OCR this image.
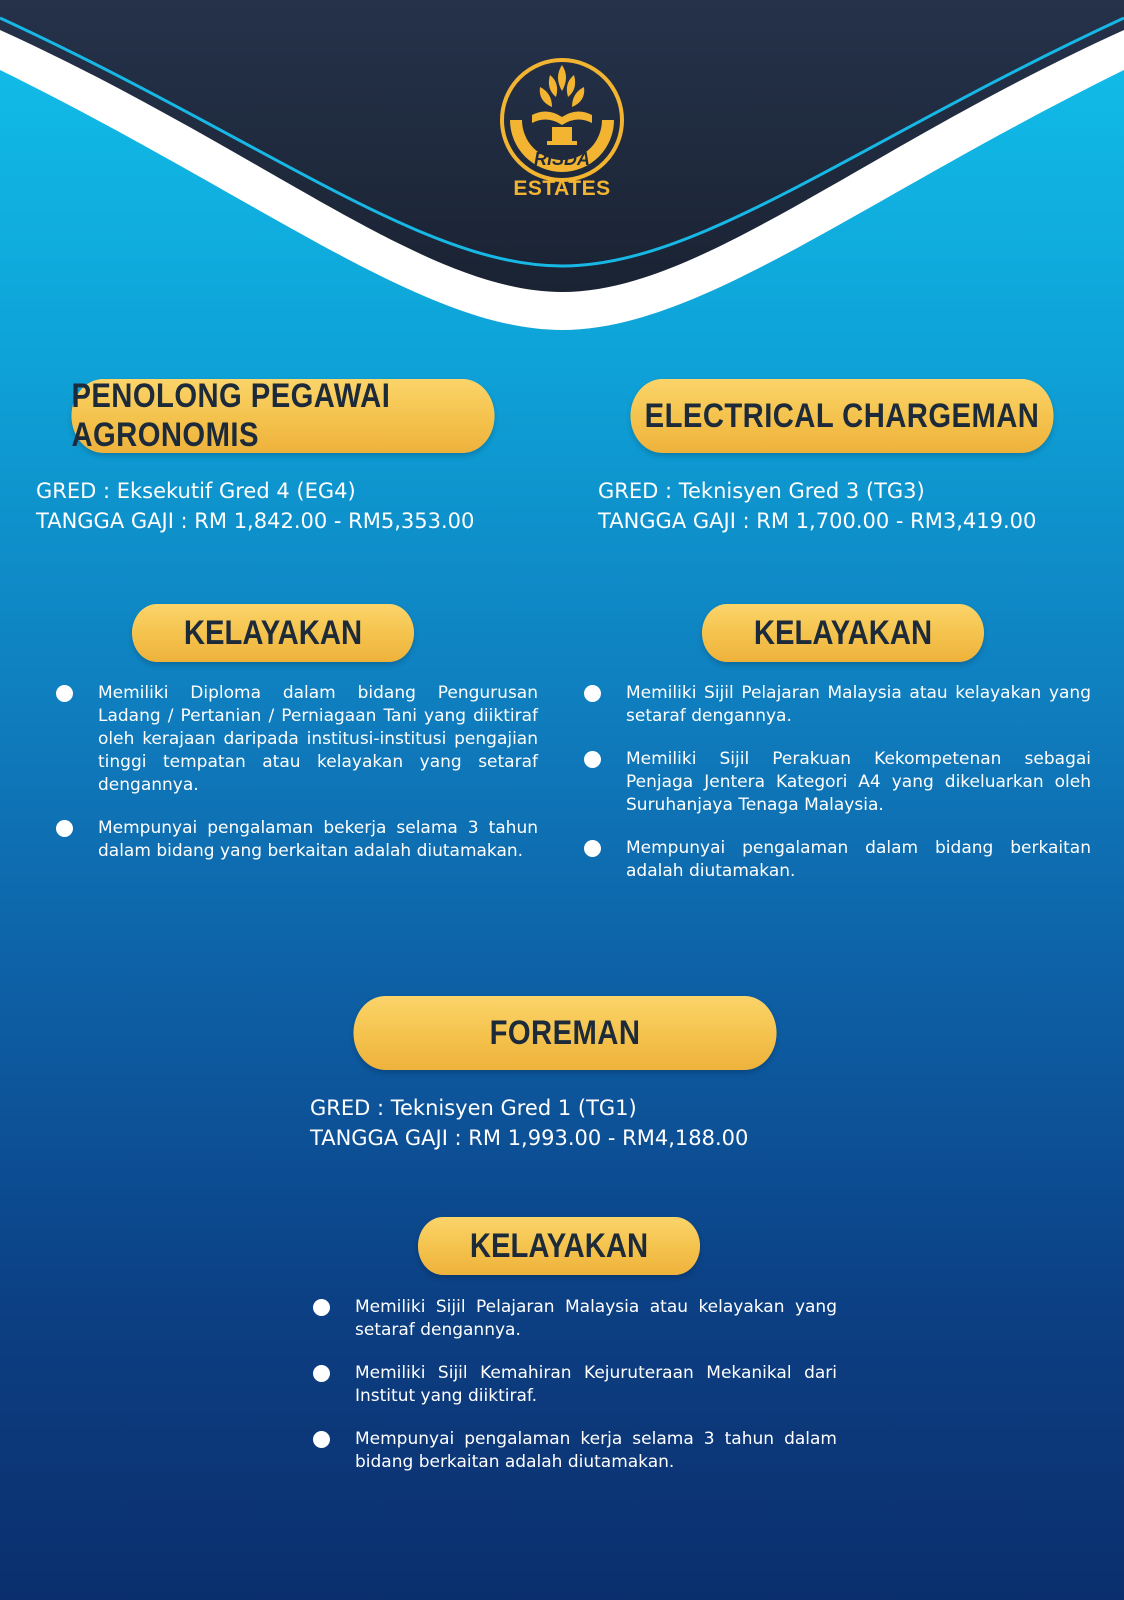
RISDA
ESTATES
PENOLONG PEGAWAI AGRONOMIS
GRED : Eksekutif Gred 4 (EG4)
TANGGA GAJI : RM 1,842.00 - RM5,353.00
KELAYAKAN
Memiliki Diploma dalam bidang Pengurusan Ladang / Pertanian / Perniagaan Tani yang diiktiraf oleh kerajaan daripada institusi-institusi pengajian tinggi tempatan atau kelayakan yang setaraf dengannya.
Mempunyai pengalaman bekerja selama 3 tahun dalam bidang yang berkaitan adalah diutamakan.
ELECTRICAL CHARGEMAN
GRED : Teknisyen Gred 3 (TG3)
TANGGA GAJI : RM 1,700.00 - RM3,419.00
KELAYAKAN
Memiliki Sijil Pelajaran Malaysia atau kelayakan yang setaraf dengannya.
Memiliki Sijil Perakuan Kekompetenan sebagai Penjaga Jentera Kategori A4 yang dikeluarkan oleh Suruhanjaya Tenaga Malaysia.
Mempunyai pengalaman dalam bidang berkaitan adalah diutamakan.
FOREMAN
GRED : Teknisyen Gred 1 (TG1)
TANGGA GAJI : RM 1,993.00 - RM4,188.00
KELAYAKAN
Memiliki Sijil Pelajaran Malaysia atau kelayakan yang setaraf dengannya.
Memiliki Sijil Kemahiran Kejuruteraan Mekanikal dari Institut yang diiktiraf.
Mempunyai pengalaman kerja selama 3 tahun dalam bidang berkaitan adalah diutamakan.
